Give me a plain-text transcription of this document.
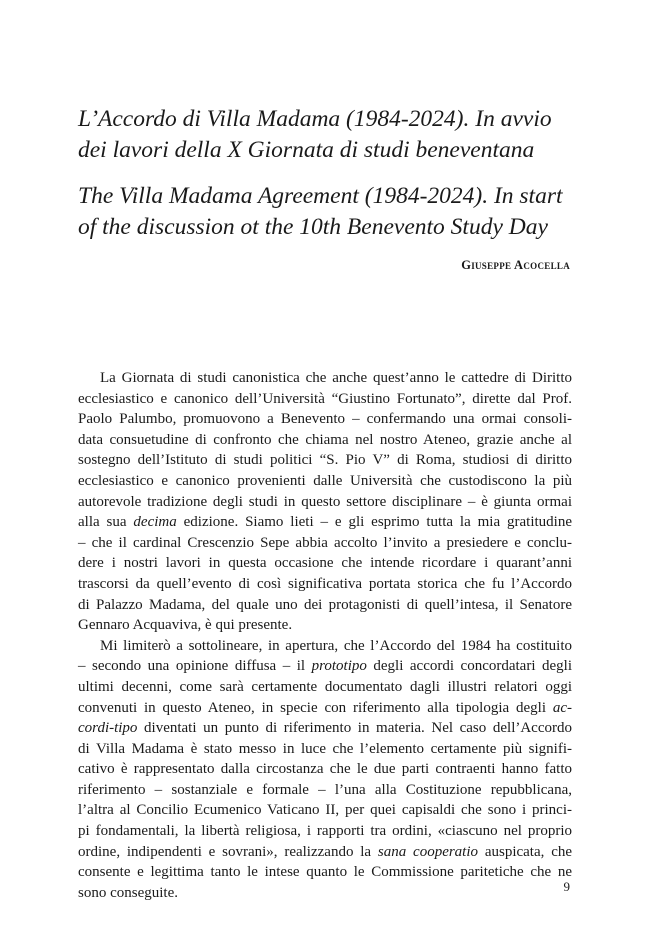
L’Accordo di Villa Madama (1984-2024). In avvio
dei lavori della X Giornata di studi beneventana
The Villa Madama Agreement (1984-2024). In start
of the discussion ot the 10th Benevento Study Day
Giuseppe Acocella
La Giornata di studi canonistica che anche quest’anno le cattedre di Diritto
ecclesiastico e canonico dell’Università “Giustino Fortunato”, dirette dal Prof.
Paolo Palumbo, promuovono a Benevento – confermando una ormai consoli-
data consuetudine di confronto che chiama nel nostro Ateneo, grazie anche al
sostegno dell’Istituto di studi politici “S. Pio V” di Roma, studiosi di diritto
ecclesiastico e canonico provenienti dalle Università che custodiscono la più
autorevole tradizione degli studi in questo settore disciplinare – è giunta ormai
alla sua decima edizione. Siamo lieti – e gli esprimo tutta la mia gratitudine
– che il cardinal Crescenzio Sepe abbia accolto l’invito a presiedere e conclu-
dere i nostri lavori in questa occasione che intende ricordare i quarant’anni
trascorsi da quell’evento di così significativa portata storica che fu l’Accordo
di Palazzo Madama, del quale uno dei protagonisti di quell’intesa, il Senatore
Gennaro Acquaviva, è qui presente.
Mi limiterò a sottolineare, in apertura, che l’Accordo del 1984 ha costituito
– secondo una opinione diffusa – il prototipo degli accordi concordatari degli
ultimi decenni, come sarà certamente documentato dagli illustri relatori oggi
convenuti in questo Ateneo, in specie con riferimento alla tipologia degli ac-
cordi-tipo diventati un punto di riferimento in materia. Nel caso dell’Accordo
di Villa Madama è stato messo in luce che l’elemento certamente più signifi-
cativo è rappresentato dalla circostanza che le due parti contraenti hanno fatto
riferimento – sostanziale e formale – l’una alla Costituzione repubblicana,
l’altra al Concilio Ecumenico Vaticano II, per quei capisaldi che sono i princi-
pi fondamentali, la libertà religiosa, i rapporti tra ordini, «ciascuno nel proprio
ordine, indipendenti e sovrani», realizzando la sana cooperatio auspicata, che
consente e legittima tanto le intese quanto le Commissione paritetiche che ne
sono conseguite.	9
